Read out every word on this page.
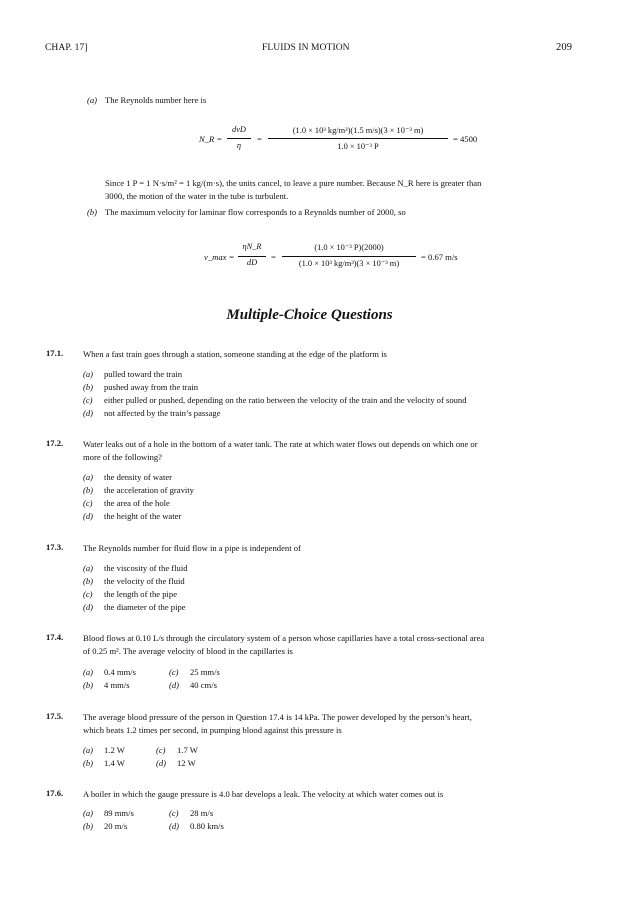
CHAP. 17]	FLUIDS IN MOTION	209
(a) The Reynolds number here is
N_R =
dvD
η
=
(1.0 × 10³ kg/m³)(1.5 m/s)(3 × 10⁻³ m)
1.0 × 10⁻³ P
= 4500
Since 1 P = 1 N·s/m² = 1 kg/(m·s), the units cancel, to leave a pure number. Because N_R here is greater than
3000, the motion of the water in the tube is turbulent.
(b) The maximum velocity for laminar flow corresponds to a Reynolds number of 2000, so
v_max =
ηN_R
dD
=
(1.0 × 10⁻³ P)(2000)
(1.0 × 10³ kg/m³)(3 × 10⁻³ m)
= 0.67 m/s
Multiple-Choice Questions
17.1. When a fast train goes through a station, someone standing at the edge of the platform is
(a) pulled toward the train
(b) pushed away from the train
(c) either pulled or pushed, depending on the ratio between the velocity of the train and the velocity of sound
(d) not affected by the train’s passage
17.2. Water leaks out of a hole in the bottom of a water tank. The rate at which water flows out depends on which one or
more of the following?
(a) the density of water
(b) the acceleration of gravity
(c) the area of the hole
(d) the height of the water
17.3. The Reynolds number for fluid flow in a pipe is independent of
(a) the viscosity of the fluid
(b) the velocity of the fluid
(c) the length of the pipe
(d) the diameter of the pipe
17.4. Blood flows at 0.10 L/s through the circulatory system of a person whose capillaries have a total cross-sectional area
of 0.25 m². The average velocity of blood in the capillaries is
(a) 0.4 mm/s	(c) 25 mm/s
(b) 4 mm/s	(d) 40 cm/s
17.5. The average blood pressure of the person in Question 17.4 is 14 kPa. The power developed by the person’s heart,
which beats 1.2 times per second, in pumping blood against this pressure is
(a) 1.2 W	(c) 1.7 W
(b) 1.4 W	(d) 12 W
17.6. A boiler in which the gauge pressure is 4.0 bar develops a leak. The velocity at which water comes out is
(a) 89 mm/s	(c) 28 m/s
(b) 20 m/s	(d) 0.80 km/s
